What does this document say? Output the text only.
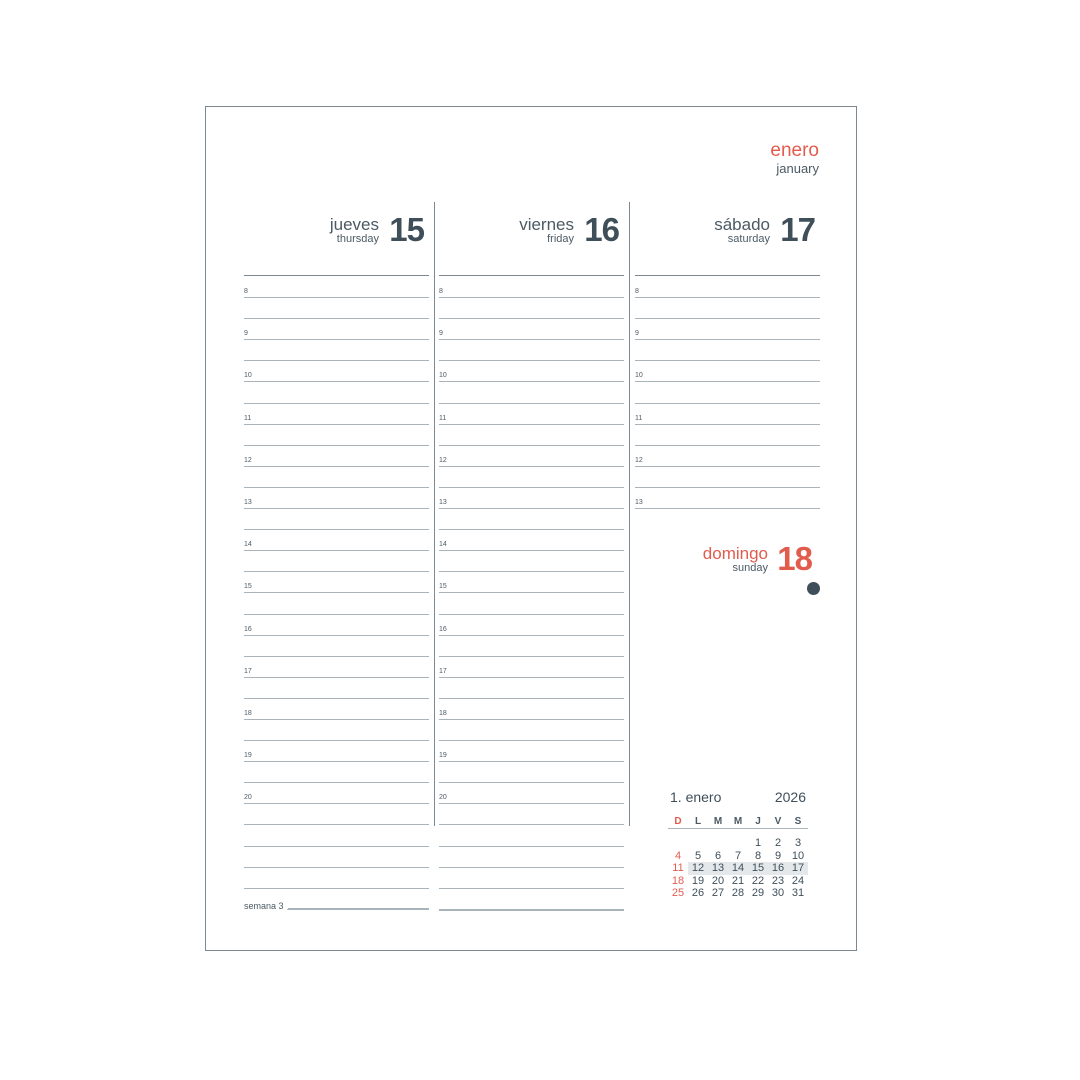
enero
january
jueves
thursday 15
8
9
10
11
12
13
14
15
16
17
18
19
20
viernes
friday 16
8
9
10
11
12
13
14
15
16
17
18
19
20
sábado
saturday 17
8
9
10
11
12
13
semana 3
domingo
sunday 18
1. enero	2026
D	L	M	M	J	V	S

				1	2	3
4	5	6	7	8	9	10
11	12	13	14	15	16	17
18	19	20	21	22	23	24
25	26	27	28	29	30	31
